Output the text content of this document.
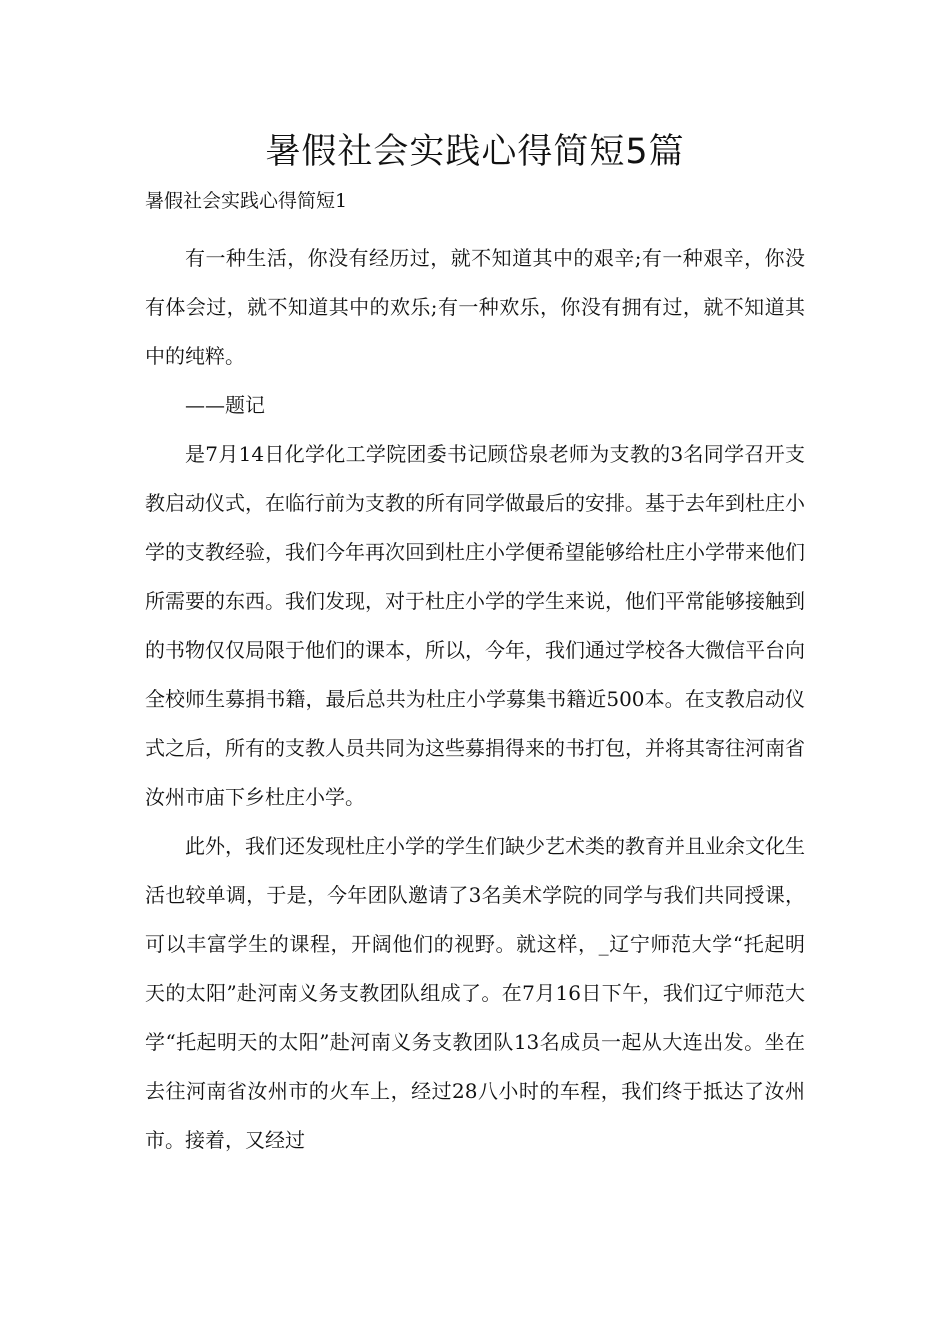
暑假社会实践心得简短5篇
暑假社会实践心得简短1

有一种生活，你没有经历过，就不知道其中的艰辛;有一种艰辛，你没有体会过，就不知道其中的欢乐;有一种欢乐，你没有拥有过，就不知道其中的纯粹。

——题记

是7月14日化学化工学院团委书记顾岱泉老师为支教的3名同学召开支教启动仪式，在临行前为支教的所有同学做最后的安排。基于去年到杜庄小学的支教经验，我们今年再次回到杜庄小学便希望能够给杜庄小学带来他们所需要的东西。我们发现，对于杜庄小学的学生来说，他们平常能够接触到的书物仅仅局限于他们的课本，所以，今年，我们通过学校各大微信平台向全校师生募捐书籍，最后总共为杜庄小学募集书籍近500本。在支教启动仪式之后，所有的支教人员共同为这些募捐得来的书打包，并将其寄往河南省汝州市庙下乡杜庄小学。

此外，我们还发现杜庄小学的学生们缺少艺术类的教育并且业余文化生活也较单调，于是，今年团队邀请了3名美术学院的同学与我们共同授课，可以丰富学生的课程，开阔他们的视野。就这样，_辽宁师范大学“托起明天的太阳”赴河南义务支教团队组成了。在7月16日下午，我们辽宁师范大学“托起明天的太阳”赴河南义务支教团队13名成员一起从大连出发。坐在去往河南省汝州市的火车上，经过28八小时的车程，我们终于抵达了汝州市。接着，又经过
